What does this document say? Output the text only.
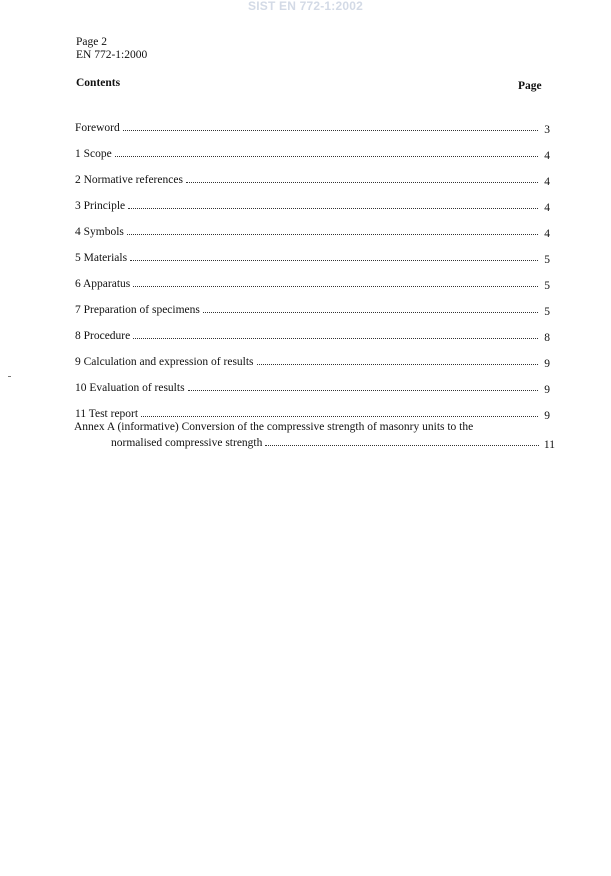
SIST EN 772-1:2002
Page 2
EN 772-1:2000
Contents	Page
Foreword	3
1 Scope	4
2 Normative references	4
3 Principle	4
4 Symbols	4
5 Materials	5
6 Apparatus	5
7 Preparation of specimens	5
8 Procedure	8
9 Calculation and expression of results	9
10 Evaluation of results	9
11 Test report	9
Annex A (informative) Conversion of the compressive strength of masonry units to the
normalised compressive strength	11
